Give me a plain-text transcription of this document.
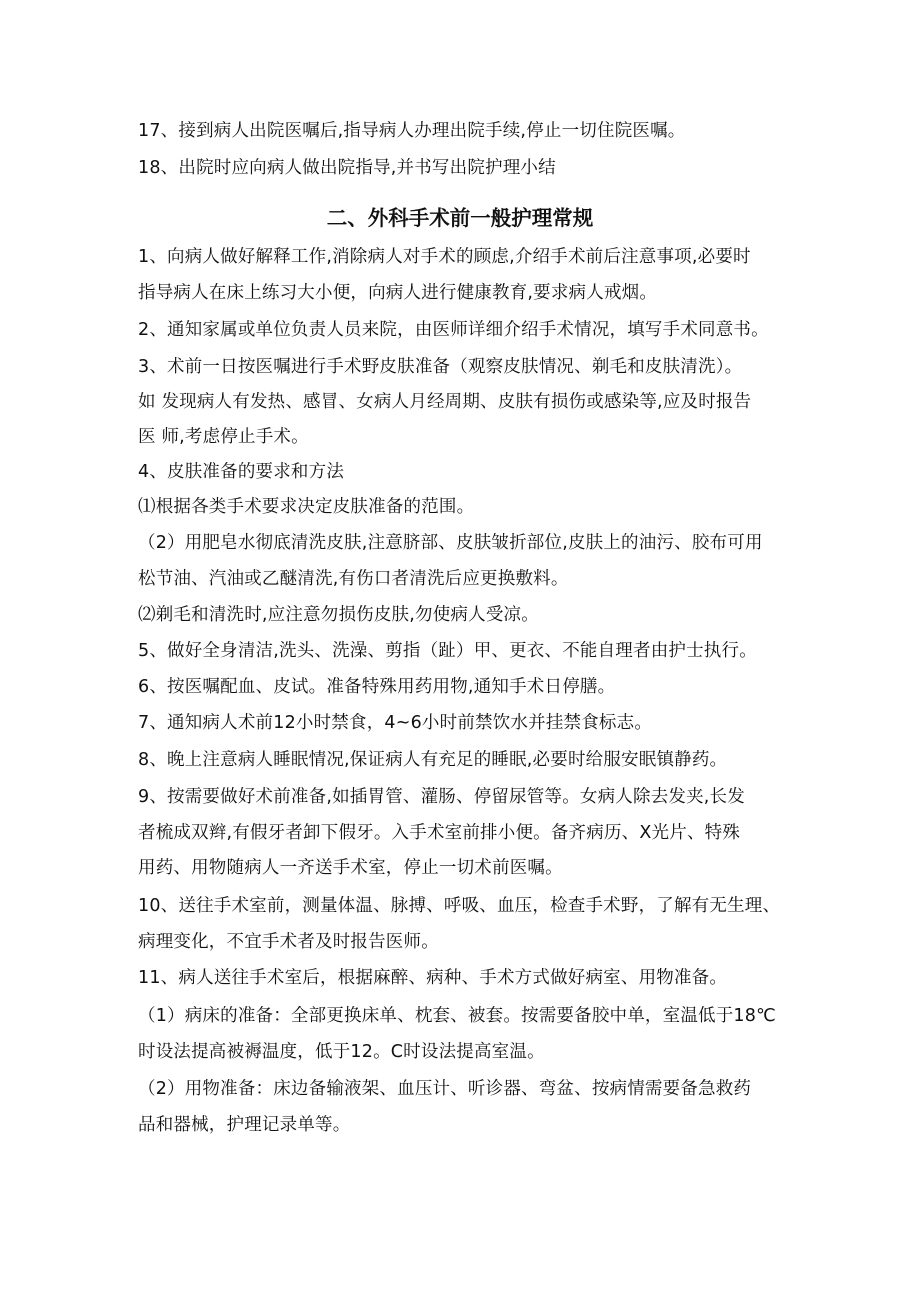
17、接到病人出院医嘱后,指导病人办理出院手续,停止一切住院医嘱。
18、出院时应向病人做出院指导,并书写出院护理小结
二、外科手术前一般护理常规
1、向病人做好解释工作,消除病人对手术的顾虑,介绍手术前后注意事项,必要时
指导病人在床上练习大小便，向病人进行健康教育,要求病人戒烟。
2、通知家属或单位负责人员来院，由医师详细介绍手术情况，填写手术同意书。
3、术前一日按医嘱进行手术野皮肤准备（观察皮肤情况、剃毛和皮肤清洗）。
如 发现病人有发热、感冒、女病人月经周期、皮肤有损伤或感染等,应及时报告
医 师,考虑停止手术。
4、皮肤准备的要求和方法
⑴根据各类手术要求决定皮肤准备的范围。
（2）用肥皂水彻底清洗皮肤,注意脐部、皮肤皱折部位,皮肤上的油污、胶布可用
松节油、汽油或乙醚清洗,有伤口者清洗后应更换敷料。
⑵剃毛和清洗时,应注意勿损伤皮肤,勿使病人受凉。
5、做好全身清洁,洗头、洗澡、剪指（趾）甲、更衣、不能自理者由护士执行。
6、按医嘱配血、皮试。准备特殊用药用物,通知手术日停膳。
7、通知病人术前12小时禁食，4~6小时前禁饮水并挂禁食标志。
8、晚上注意病人睡眠情况,保证病人有充足的睡眠,必要时给服安眠镇静药。
9、按需要做好术前准备,如插胃管、灌肠、停留尿管等。女病人除去发夹,长发
者梳成双辫,有假牙者卸下假牙。入手术室前排小便。备齐病历、X光片、特殊
用药、用物随病人一齐送手术室，停止一切术前医嘱。
10、送往手术室前，测量体温、脉搏、呼吸、血压，检查手术野，了解有无生理、
病理变化，不宜手术者及时报告医师。
11、病人送往手术室后，根据麻醉、病种、手术方式做好病室、用物准备。
（1）病床的准备：全部更换床单、枕套、被套。按需要备胶中单，室温低于18℃
时设法提高被褥温度，低于12。C时设法提高室温。
（2）用物准备：床边备输液架、血压计、听诊器、弯盆、按病情需要备急救药
品和器械，护理记录单等。
